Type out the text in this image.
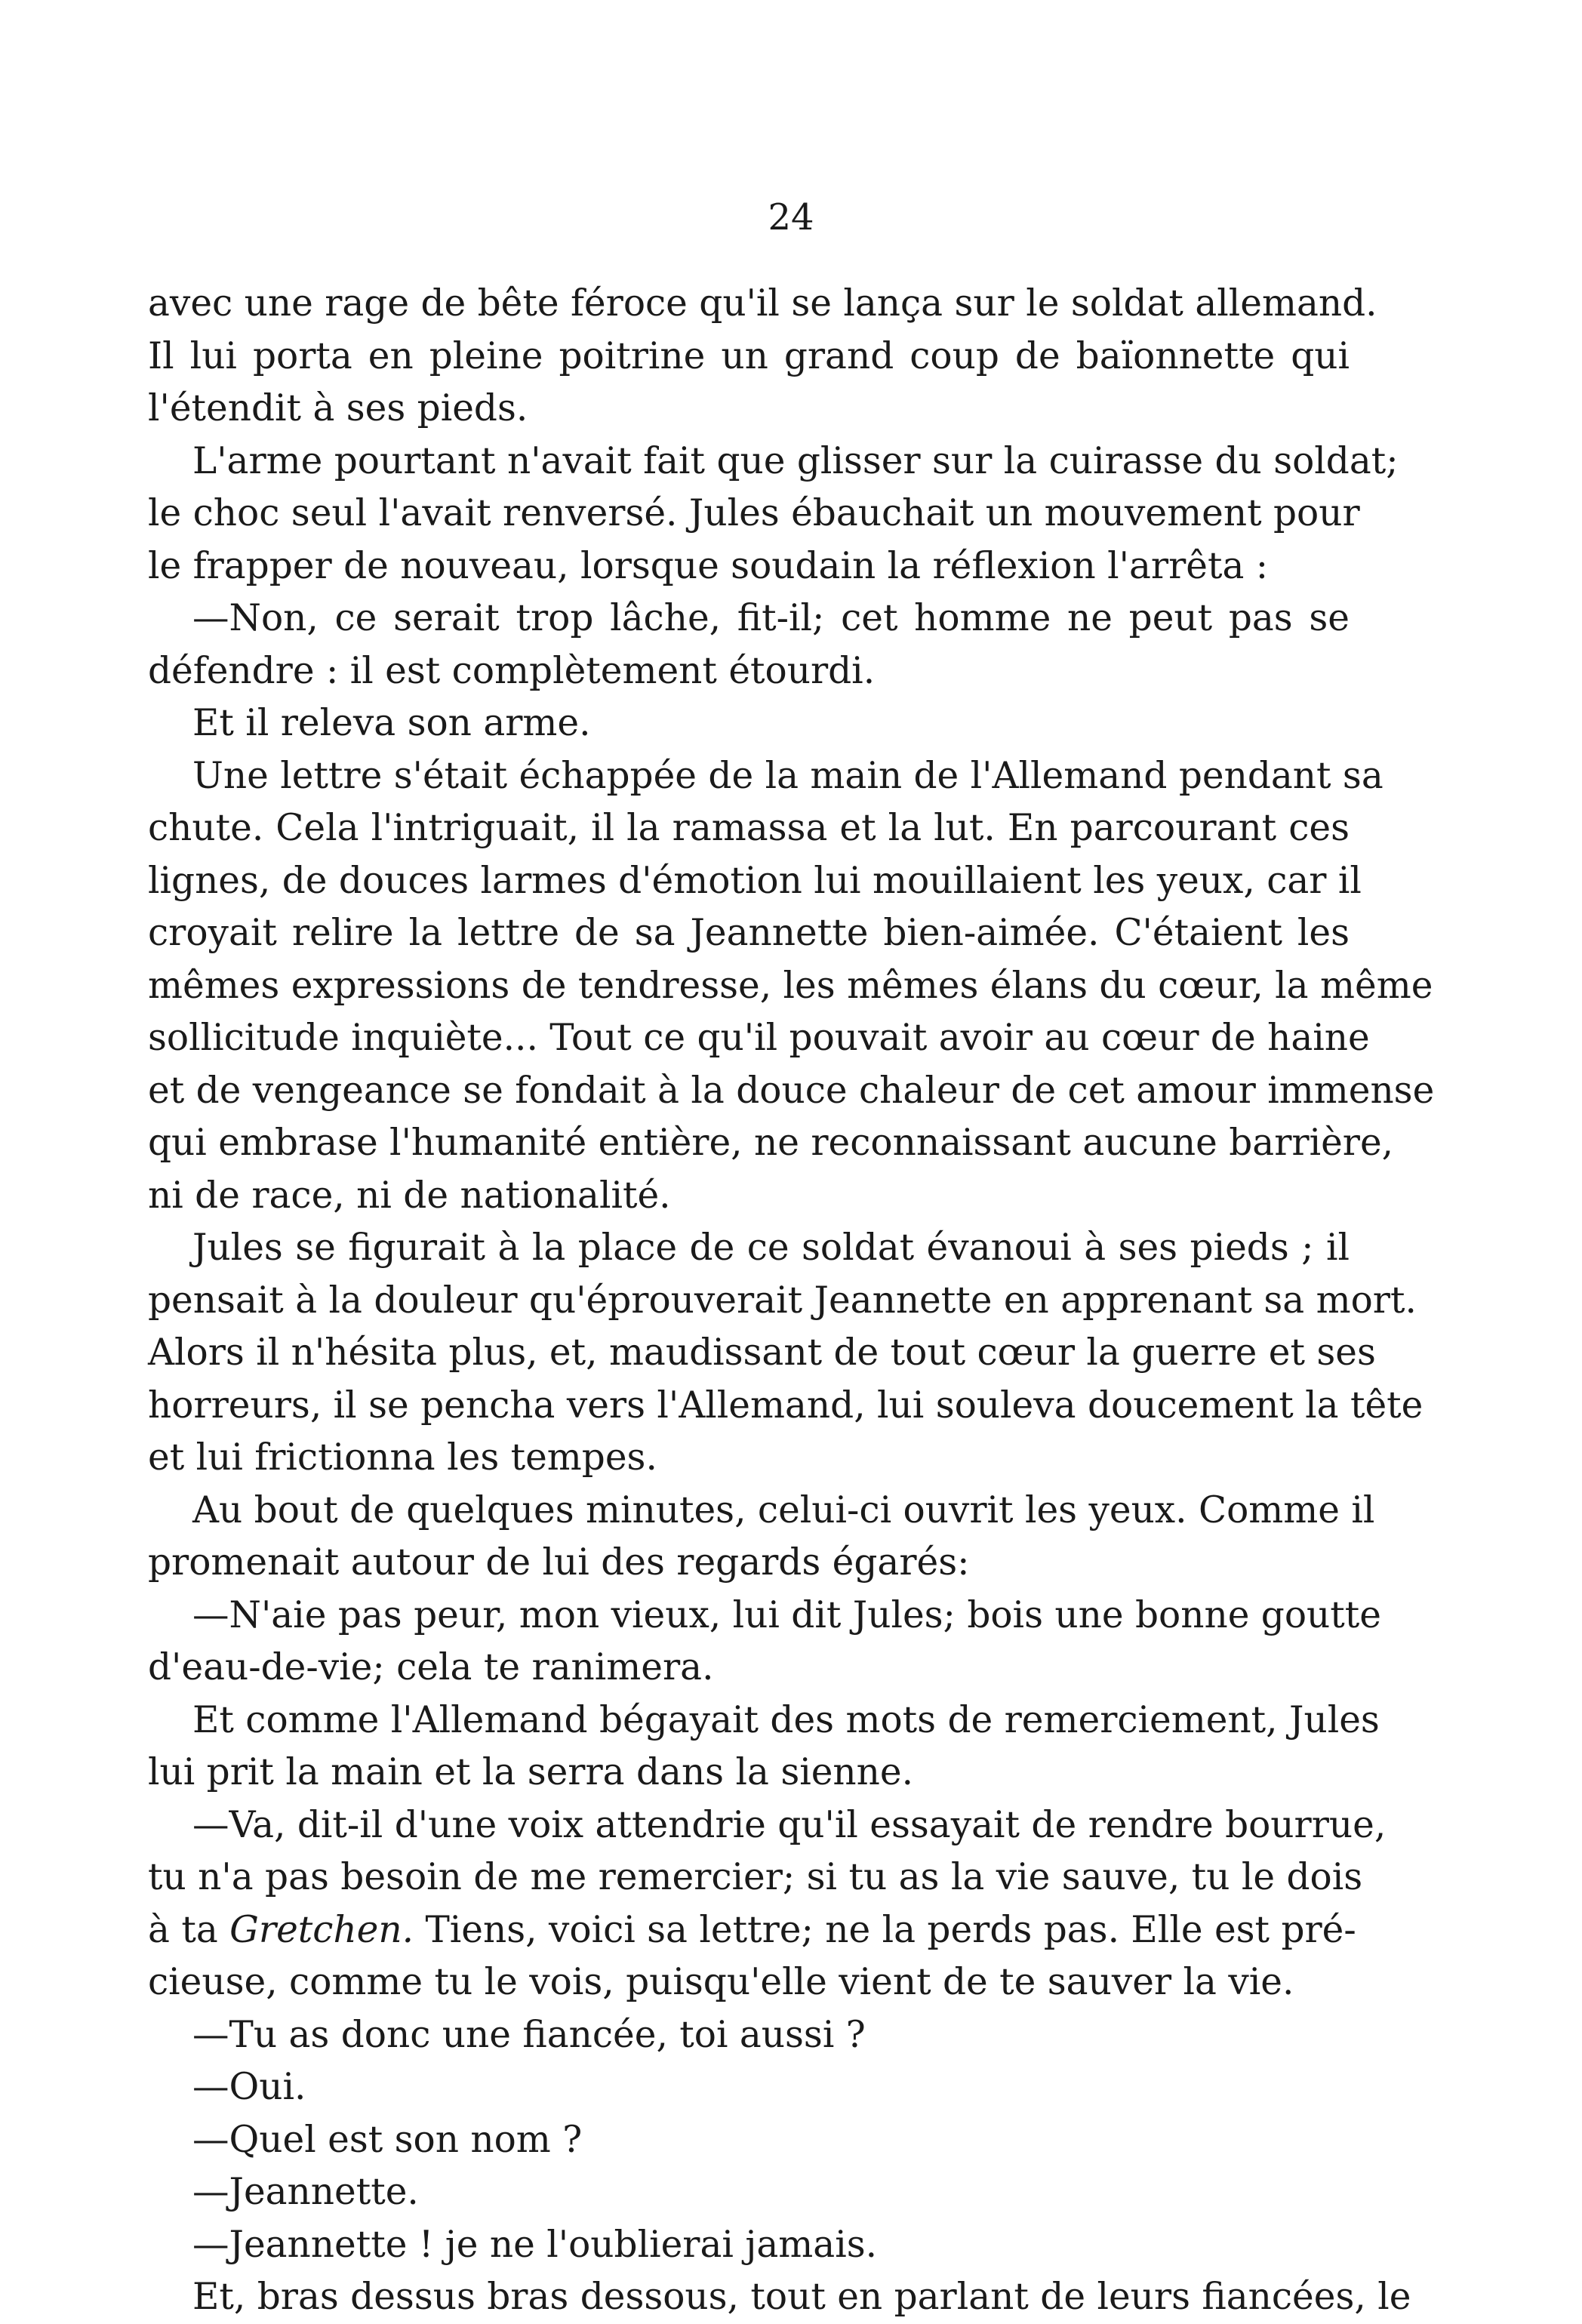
24
avec une rage de bête féroce qu'il se lança sur le soldat allemand.
Il lui porta en pleine poitrine un grand coup de baïonnette qui
l'étendit à ses pieds.
L'arme pourtant n'avait fait que glisser sur la cuirasse du soldat;
le choc seul l'avait renversé. Jules ébauchait un mouvement pour
le frapper de nouveau, lorsque soudain la réflexion l'arrêta :
—Non, ce serait trop lâche, fit-il; cet homme ne peut pas se
défendre : il est complètement étourdi.
Et il releva son arme.
Une lettre s'était échappée de la main de l'Allemand pendant sa
chute. Cela l'intriguait, il la ramassa et la lut. En parcourant ces
lignes, de douces larmes d'émotion lui mouillaient les yeux, car il
croyait relire la lettre de sa Jeannette bien-aimée. C'étaient les
mêmes expressions de tendresse, les mêmes élans du cœur, la même
sollicitude inquiète... Tout ce qu'il pouvait avoir au cœur de haine
et de vengeance se fondait à la douce chaleur de cet amour immense
qui embrase l'humanité entière, ne reconnaissant aucune barrière,
ni de race, ni de nationalité.
Jules se figurait à la place de ce soldat évanoui à ses pieds ; il
pensait à la douleur qu'éprouverait Jeannette en apprenant sa mort.
Alors il n'hésita plus, et, maudissant de tout cœur la guerre et ses
horreurs, il se pencha vers l'Allemand, lui souleva doucement la tête
et lui frictionna les tempes.
Au bout de quelques minutes, celui-ci ouvrit les yeux. Comme il
promenait autour de lui des regards égarés:
—N'aie pas peur, mon vieux, lui dit Jules; bois une bonne goutte
d'eau-de-vie; cela te ranimera.
Et comme l'Allemand bégayait des mots de remerciement, Jules
lui prit la main et la serra dans la sienne.
—Va, dit-il d'une voix attendrie qu'il essayait de rendre bourrue,
tu n'a pas besoin de me remercier; si tu as la vie sauve, tu le dois
à ta Gretchen. Tiens, voici sa lettre; ne la perds pas. Elle est pré-
cieuse, comme tu le vois, puisqu'elle vient de te sauver la vie.
—Tu as donc une fiancée, toi aussi ?
—Oui.
—Quel est son nom ?
—Jeannette.
—Jeannette ! je ne l'oublierai jamais.
Et, bras dessus bras dessous, tout en parlant de leurs fiancées, le
